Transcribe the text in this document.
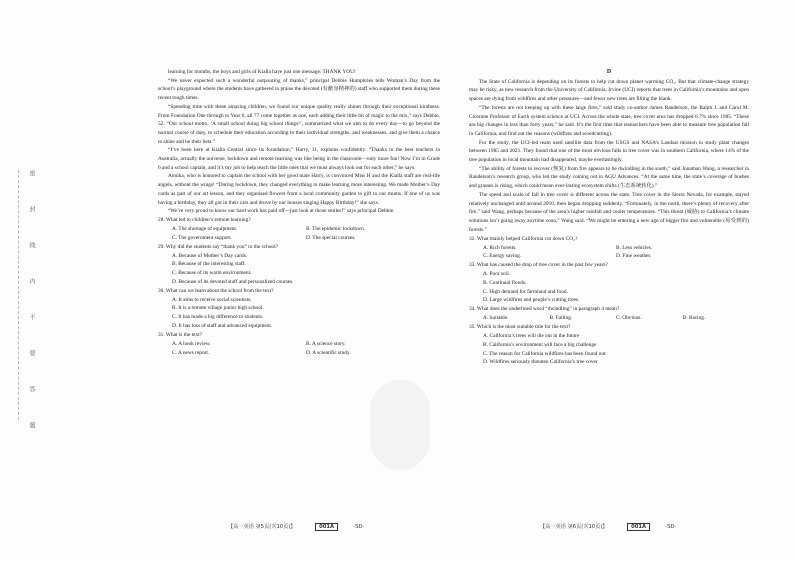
密
封
线
内
不
要
答
题

learning for months, the boys and girls of Kialla have just one message: THANK YOU!

“We never expected such a wonderful outpouring of thanks,” principal Debbie Humphries tells Woman’s Day from the school’s playground where the students have gathered to praise the devoted (有献身精神的) staff who supported them during these recent tough times.

“Spending time with these amazing children, we found our unique quality really shines through their exceptional kindness. From Foundation One through to Year 6, all 77 come together as one, each adding their little bit of magic to the mix,” says Debbie, 52. “Our school motto, ‘A small school doing big school things!’, summarized what we aim to do every day—to go beyond the normal course of duty, to schedule their education according to their individual strengths, and weaknesses, and give them a chance to shine and be their best.”

“I’ve been here at Kialla Central since its foundation,” Harry, 11, explains confidently. “Thanks to the best teachers in Australia, actually the universe, lockdown and remote learning was like being in the classroom—only more fun! Now I’m in Grade 6 and a school captain, and it’s my job to help teach the little ones that we must always look out for each other,” he says.

Annika, who is honored to captain the school with her good mate Harry, is convinced Miss H and the Kialla staff are real-life angels, without the wings! “During lockdown, they changed everything to make learning more interesting. We made Mother’s Day cards as part of our art lesson, and they organised flowers from a local community garden to gift to our mums. If one of us was having a birthday, they all got in their cars and drove by our houses singing Happy Birthday!” she says.

“We’re very proud to know our hard work has paid off—just look at those smiles!” says principal Debbie.

28. What led to children’s remote learning?

A. The shortage of equipment.	B. The epidemic lockdown.
C. The government support.	D. The special courses.

29. Why did the students say “thank you” to the school?

A. Because of Mother’s Day cards.
B. Because of the interesting staff.
C. Because of its warm environment.
D. Because of its devoted staff and personalized courses.

30. What can we learn about the school from the text?

A. It aims to receive social scientists.
B. It is a remote village junior high school.
C. It has made a big difference to students.
D. It has loss of staff and advanced equipment.

31. What is the text?

A. A book review.	B. A science story.
C. A news report.	D. A scientific study.
D

The State of California is depending on its forests to help cut down planet warming CO₂. But that climate-change strategy may be risky, as new research from the University of California, Irvine (UCI) reports that trees in California’s mountains and open spaces are dying from wildfires and other pressures—and fewer new trees are filling the blank.

“The forests are not keeping up with these large fires,” said study co-author James Randerson, the Ralph J. and Carol M. Cicerone Professor of Earth system science at UCI. Across the whole state, tree cover area has dropped 6.7% since 1985. “These are big changes in less than forty years,” he said. It’s the first time that researchers have been able to measure tree population fall in California, and find out the reasons (wildfires and woodcutting).

For the study, the UCI-led team used satellite data from the USGS and NASA’s Landsat mission to study plant changes between 1985 and 2021. They found that one of the most obvious falls in tree cover was in southern California, where 14% of the tree population in local mountain had disappeared, maybe everlastingly.

“The ability of forests to recover (恢复) from fire appears to be dwindling in the south,” said Jonathan Wang, a researcher in Randerson’s research group, who led the study coming out in AGU Advances. “At the same time, the state’s coverage of bushes and grasses is rising, which could mean ever-lasting ecosystem shifts (生态系统转化).”

The speed and scale of fall in tree cover is different across the state. Tree cover in the Sierra Nevada, for example, stayed relatively unchanged until around 2010, then began dropping suddenly. “Fortunately, in the north, there’s plenty of recovery after fire,” said Wang, perhaps because of the area’s higher rainfall and cooler temperatures. “This threat (威胁) to California’s climate solutions isn’t going away anytime soon,” Wang said. “We might be entering a new age of bigger fire and vulnerable (易受到的) forests.”

32. What mainly helped California cut down CO₂?

A. Rich forests.	B. Less vehicles.
C. Energy saving.	D. Fine weather.

33. What has caused the drop of tree cover in the past few years?

A. Poor soil.
B. Continual floods.
C. High demand for farmland and food.
D. Large wildfires and people’s cutting trees.

34. What does the underlined word “dwindling” in paragraph 4 mean?

A. Suitable.	B. Falling.	C. Obvious.	D. Boring.

35. Which is the most suitable title for the text?

A. California’s trees will die out in the future
B. California’s environment will face a big challenge
C. The reason for California wildfires has been found out
D. Wildfires seriously threaten California’s tree cover
【高一英语 第5页(共10页)】	001A	·SD·	【高一英语 第6页(共10页)】	001A	·SD·
